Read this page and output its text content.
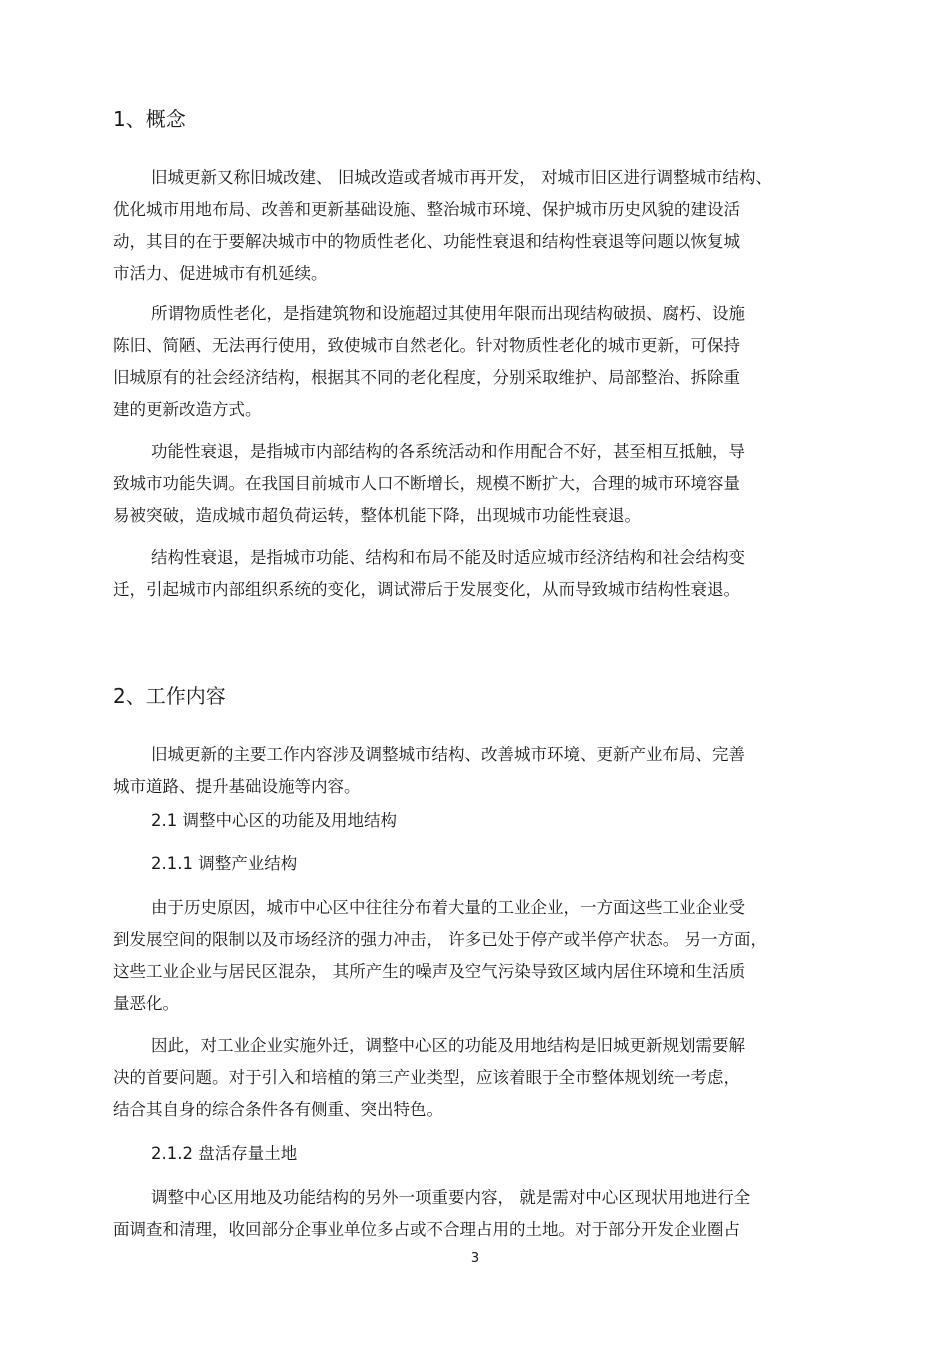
1、概念
旧城更新又称旧城改建、 旧城改造或者城市再开发， 对城市旧区进行调整城市结构、
优化城市用地布局、改善和更新基础设施、整治城市环境、保护城市历史风貌的建设活
动，其目的在于要解决城市中的物质性老化、功能性衰退和结构性衰退等问题以恢复城
市活力、促进城市有机延续。
所谓物质性老化，是指建筑物和设施超过其使用年限而出现结构破损、腐朽、设施
陈旧、简陋、无法再行使用，致使城市自然老化。针对物质性老化的城市更新，可保持
旧城原有的社会经济结构，根据其不同的老化程度，分别采取维护、局部整治、拆除重
建的更新改造方式。
功能性衰退，是指城市内部结构的各系统活动和作用配合不好，甚至相互抵触，导
致城市功能失调。在我国目前城市人口不断增长，规模不断扩大，合理的城市环境容量
易被突破，造成城市超负荷运转，整体机能下降，出现城市功能性衰退。
结构性衰退，是指城市功能、结构和布局不能及时适应城市经济结构和社会结构变
迁，引起城市内部组织系统的变化，调试滞后于发展变化，从而导致城市结构性衰退。
2、工作内容
旧城更新的主要工作内容涉及调整城市结构、改善城市环境、更新产业布局、完善
城市道路、提升基础设施等内容。
2.1 调整中心区的功能及用地结构
2.1.1 调整产业结构
由于历史原因，城市中心区中往往分布着大量的工业企业，一方面这些工业企业受
到发展空间的限制以及市场经济的强力冲击， 许多已处于停产或半停产状态。 另一方面，
这些工业企业与居民区混杂， 其所产生的噪声及空气污染导致区域内居住环境和生活质
量恶化。
因此，对工业企业实施外迁，调整中心区的功能及用地结构是旧城更新规划需要解
决的首要问题。对于引入和培植的第三产业类型，应该着眼于全市整体规划统一考虑，
结合其自身的综合条件各有侧重、突出特色。
2.1.2 盘活存量土地
调整中心区用地及功能结构的另外一项重要内容， 就是需对中心区现状用地进行全
面调查和清理，收回部分企事业单位多占或不合理占用的土地。对于部分开发企业圈占
3
